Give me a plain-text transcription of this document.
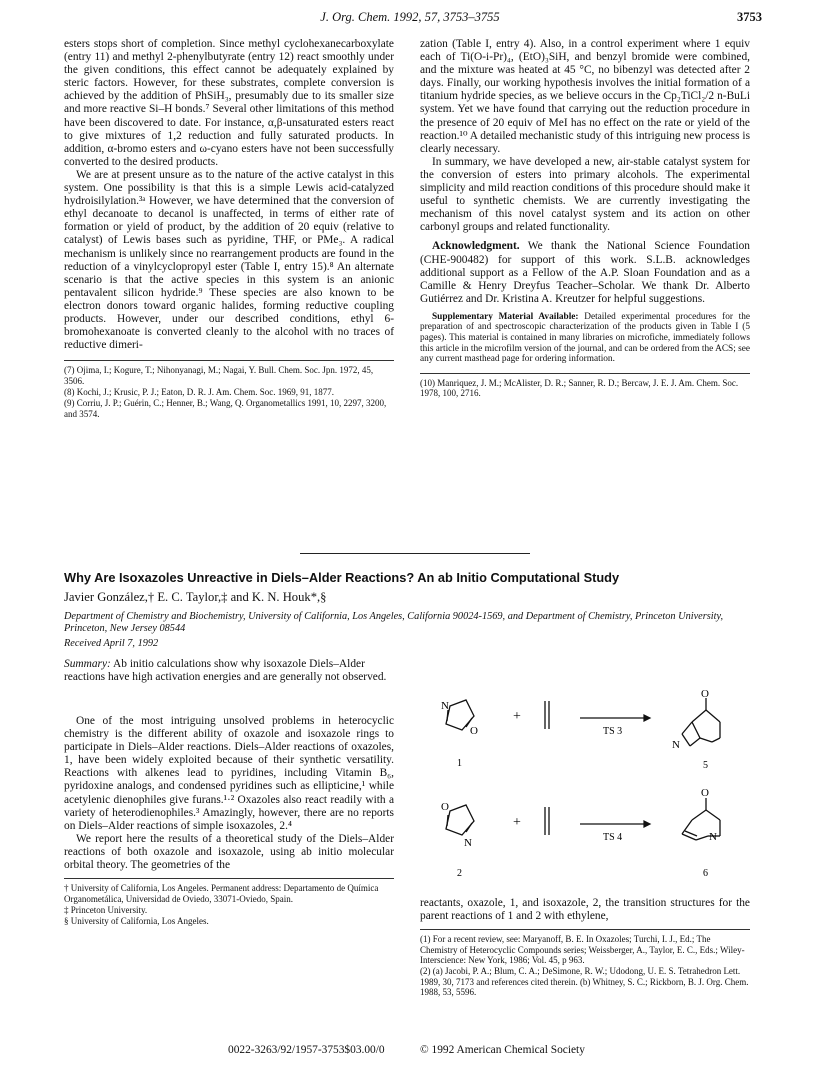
J. Org. Chem. 1992, 57, 3753–3755	3753

esters stops short of completion. Since methyl cyclohexanecarboxylate (entry 11) and methyl 2-phenylbutyrate (entry 12) react smoothly under the given conditions, this effect cannot be adequately explained by steric factors. However, for these substrates, complete conversion is achieved by the addition of PhSiH₃, presumably due to its smaller size and more reactive Si–H bonds.⁷ Several other limitations of this method have been discovered to date. For instance, α,β-unsaturated esters react to give mixtures of 1,2 reduction and fully saturated products. In addition, α-bromo esters and ω-cyano esters have not been successfully converted to the desired products.

We are at present unsure as to the nature of the active catalyst in this system. One possibility is that this is a simple Lewis acid-catalyzed hydroisilylation.³ᵃ However, we have determined that the conversion of ethyl decanoate to decanol is unaffected, in terms of either rate of formation or yield of product, by the addition of 20 equiv (relative to catalyst) of Lewis bases such as pyridine, THF, or PMe₃. A radical mechanism is unlikely since no rearrangement products are found in the reduction of a vinylcyclopropyl ester (Table I, entry 15).⁸ An alternate scenario is that the active species in this system is an anionic pentavalent silicon hydride.⁹ These species are also known to be electron donors toward organic halides, forming reductive coupling products. However, under our described conditions, ethyl 6-bromohexanoate is converted cleanly to the alcohol with no traces of reductive dimeri-

(7) Ojima, I.; Kogure, T.; Nihonyanagi, M.; Nagai, Y. Bull. Chem. Soc. Jpn. 1972, 45, 3506.

(8) Kochi, J.; Krusic, P. J.; Eaton, D. R. J. Am. Chem. Soc. 1969, 91, 1877.

(9) Corriu, J. P.; Guérin, C.; Henner, B.; Wang, Q. Organometallics 1991, 10, 2297, 3200, and 3574.

zation (Table I, entry 4). Also, in a control experiment where 1 equiv each of Ti(O-i-Pr)₄, (EtO)₃SiH, and benzyl bromide were combined, and the mixture was heated at 45 °C, no bibenzyl was detected after 2 days. Finally, our working hypothesis involves the initial formation of a titanium hydride species, as we believe occurs in the Cp₂TiCl₂/2 n-BuLi system. Yet we have found that carrying out the reduction procedure in the presence of 20 equiv of MeI has no effect on the rate or yield of the reaction.¹⁰ A detailed mechanistic study of this intriguing new process is clearly necessary.

In summary, we have developed a new, air-stable catalyst system for the conversion of esters into primary alcohols. The experimental simplicity and mild reaction conditions of this procedure should make it useful to synthetic chemists. We are currently investigating the mechanism of this novel catalyst system and its action on other carbonyl groups and related functionality.

Acknowledgment. We thank the National Science Foundation (CHE-900482) for support of this work. S.L.B. acknowledges additional support as a Fellow of the A.P. Sloan Foundation and as a Camille & Henry Dreyfus Teacher–Scholar. We thank Dr. Alberto Gutiérrez and Dr. Kristina A. Kreutzer for helpful suggestions.

Supplementary Material Available: Detailed experimental procedures for the preparation of and spectroscopic characterization of the products given in Table I (5 pages). This material is contained in many libraries on microfiche, immediately follows this article in the microfilm version of the journal, and can be ordered from the ACS; see any current masthead page for ordering information.

(10) Manriquez, J. M.; McAlister, D. R.; Sanner, R. D.; Bercaw, J. E. J. Am. Chem. Soc. 1978, 100, 2716.

Why Are Isoxazoles Unreactive in Diels–Alder Reactions? An ab Initio Computational Study
Javier González,† E. C. Taylor,‡ and K. N. Houk*,§
Department of Chemistry and Biochemistry, University of California, Los Angeles, California 90024-1569, and Department of Chemistry, Princeton University, Princeton, New Jersey 08544
Received April 7, 1992
Summary: Ab initio calculations show why isoxazole Diels–Alder reactions have high activation energies and are generally not observed.

One of the most intriguing unsolved problems in heterocyclic chemistry is the different ability of oxazole and isoxazole rings to participate in Diels–Alder reactions. Diels–Alder reactions of oxazoles, 1, have been widely exploited because of their synthetic versatility. Reactions with alkenes lead to pyridines, including Vitamin B₆, pyridoxine analogs, and condensed pyridines such as ellipticine,¹ while acetylenic dienophiles give furans.¹·² Oxazoles also react readily with a variety of heterodienophiles.³ Amazingly, however, there are no reports on Diels–Alder reactions of simple isoxazoles, 2.⁴

We report here the results of a theoretical study of the Diels–Alder reactions of both oxazole and isoxazole, using ab initio molecular orbital theory. The geometries of the

† University of California, Los Angeles. Permanent address: Departamento de Química Organometálica, Universidad de Oviedo, 33071-Oviedo, Spain.

‡ Princeton University.

§ University of California, Los Angeles.

N
O
+
TS 3
O
N
1	5
O
N
+
TS 4
O
N
2	6

reactants, oxazole, 1, and isoxazole, 2, the transition structures for the parent reactions of 1 and 2 with ethylene,

(1) For a recent review, see: Maryanoff, B. E. In Oxazoles; Turchi, I. J., Ed.; The Chemistry of Heterocyclic Compounds series; Weissberger, A., Taylor, E. C., Eds.; Wiley-Interscience: New York, 1986; Vol. 45, p 963.

(2) (a) Jacobi, P. A.; Blum, C. A.; DeSimone, R. W.; Udodong, U. E. S. Tetrahedron Lett. 1989, 30, 7173 and references cited therein. (b) Whitney, S. C.; Rickborn, B. J. Org. Chem. 1988, 53, 5596.

0022-3263/92/1957-3753$03.00/0	© 1992 American Chemical Society
